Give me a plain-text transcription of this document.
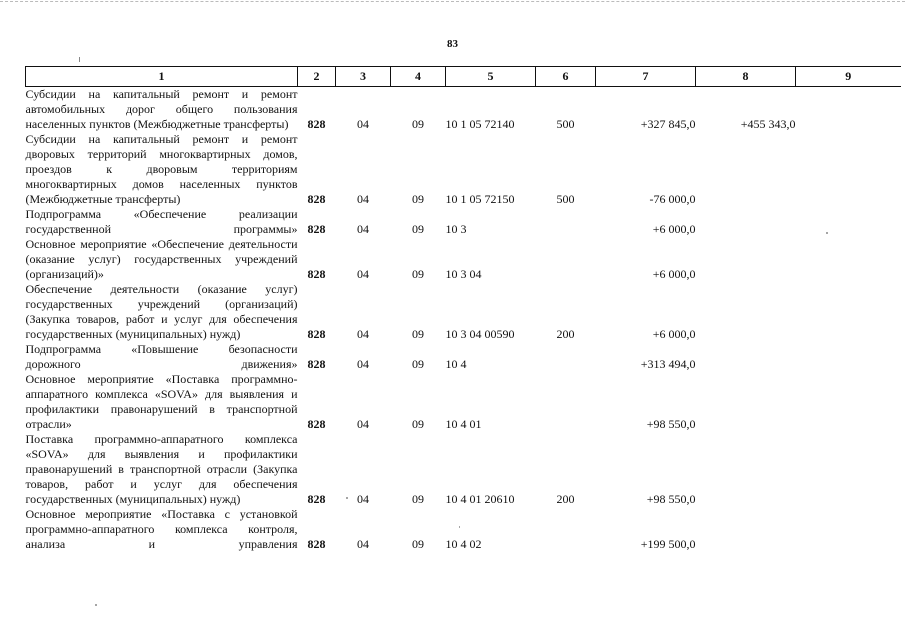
83
1	2	3	4	5	6	7	8	9
Субсидии на капитальный ремонт и ремонт автомобильных дорог общего пользования населенных пунктов (Межбюджетные трансферты)	828	04	09	10 1 05 72140	500	+327 845,0	+455 343,0	
Субсидии на капитальный ремонт и ремонт дворовых территорий многоквартирных домов, проездов к дворовым территориям многоквартирных домов населенных пунктов (Межбюджетные трансферты)	828	04	09	10 1 05 72150	500	-76 000,0		
Подпрограмма «Обеспечение реализации государственной программы»	828	04	09	10 3		+6 000,0		
Основное мероприятие «Обеспечение деятельности (оказание услуг) государственных учреждений (организаций)»	828	04	09	10 3 04		+6 000,0		
Обеспечение деятельности (оказание услуг) государственных учреждений (организаций) (Закупка товаров, работ и услуг для обеспечения государственных (муниципальных) нужд)	828	04	09	10 3 04 00590	200	+6 000,0		
Подпрограмма «Повышение безопасности дорожного движения»	828	04	09	10 4		+313 494,0		
Основное мероприятие «Поставка программно-аппаратного комплекса «SOVA» для выявления и профилактики правонарушений в транспортной отрасли»	828	04	09	10 4 01		+98 550,0		
Поставка программно-аппаратного комплекса «SOVA» для выявления и профилактики правонарушений в транспортной отрасли (Закупка товаров, работ и услуг для обеспечения государственных (муниципальных) нужд)	828	04	09	10 4 01 20610	200	+98 550,0		
Основное мероприятие «Поставка с установкой программно-аппаратного комплекса контроля, анализа и управления	828	04	09	10 4 02		+199 500,0		
